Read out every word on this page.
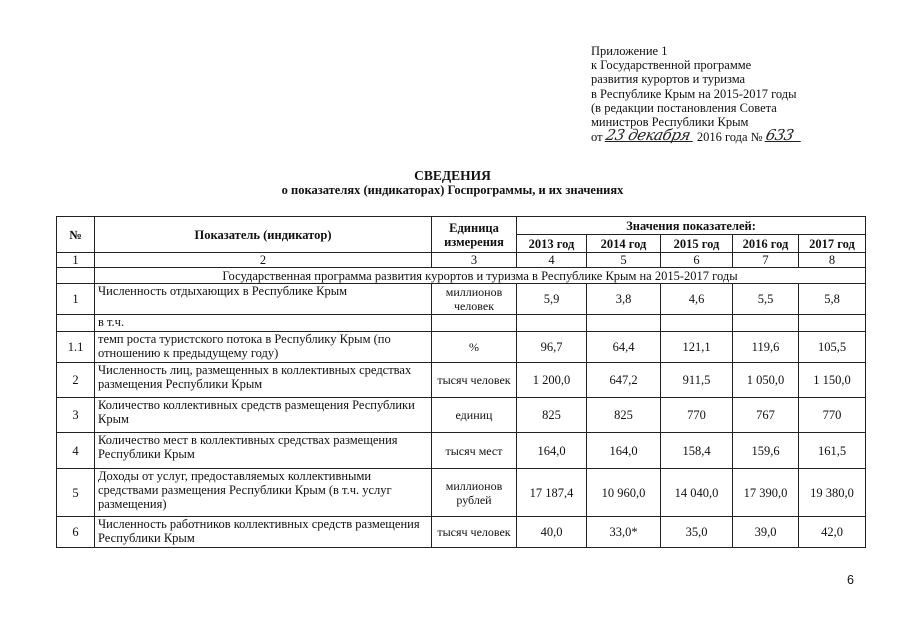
Приложение 1
к Государственной программе
развития курортов и туризма
в Республике Крым на 2015-2017 годы
(в редакции постановления Совета
министров Республики Крым
от 23 декабря 2016 года № 633
СВЕДЕНИЯ
о показателях (индикаторах) Госпрограммы, и их значениях
№	Показатель (индикатор)	Единица измерения	Значения показателей:				
			2013 год	2014 год	2015 год	2016 год	2017 год
1	2	3	4	5	6	7	8
	Государственная программа развития курортов и туризма в Республике Крым на 2015-2017 годы						
1	Численность отдыхающих в Республике Крым	миллионов человек	5,9	3,8	4,6	5,5	5,8
	в т.ч.						
1.1	темп роста туристского потока в Республику Крым (по отношению к предыдущему году)	%	96,7	64,4	121,1	119,6	105,5
2	Численность лиц, размещенных в коллективных средствах размещения Республики Крым	тысяч человек	1 200,0	647,2	911,5	1 050,0	1 150,0
3	Количество коллективных средств размещения Республики Крым	единиц	825	825	770	767	770
4	Количество мест в коллективных средствах размещения Республики Крым	тысяч мест	164,0	164,0	158,4	159,6	161,5
5	Доходы от услуг, предоставляемых коллективными средствами размещения Республики Крым (в т.ч. услуг размещения)	миллионов рублей	17 187,4	10 960,0	14 040,0	17 390,0	19 380,0
6	Численность работников коллективных средств размещения Республики Крым	тысяч человек	40,0	33,0*	35,0	39,0	42,0
6
